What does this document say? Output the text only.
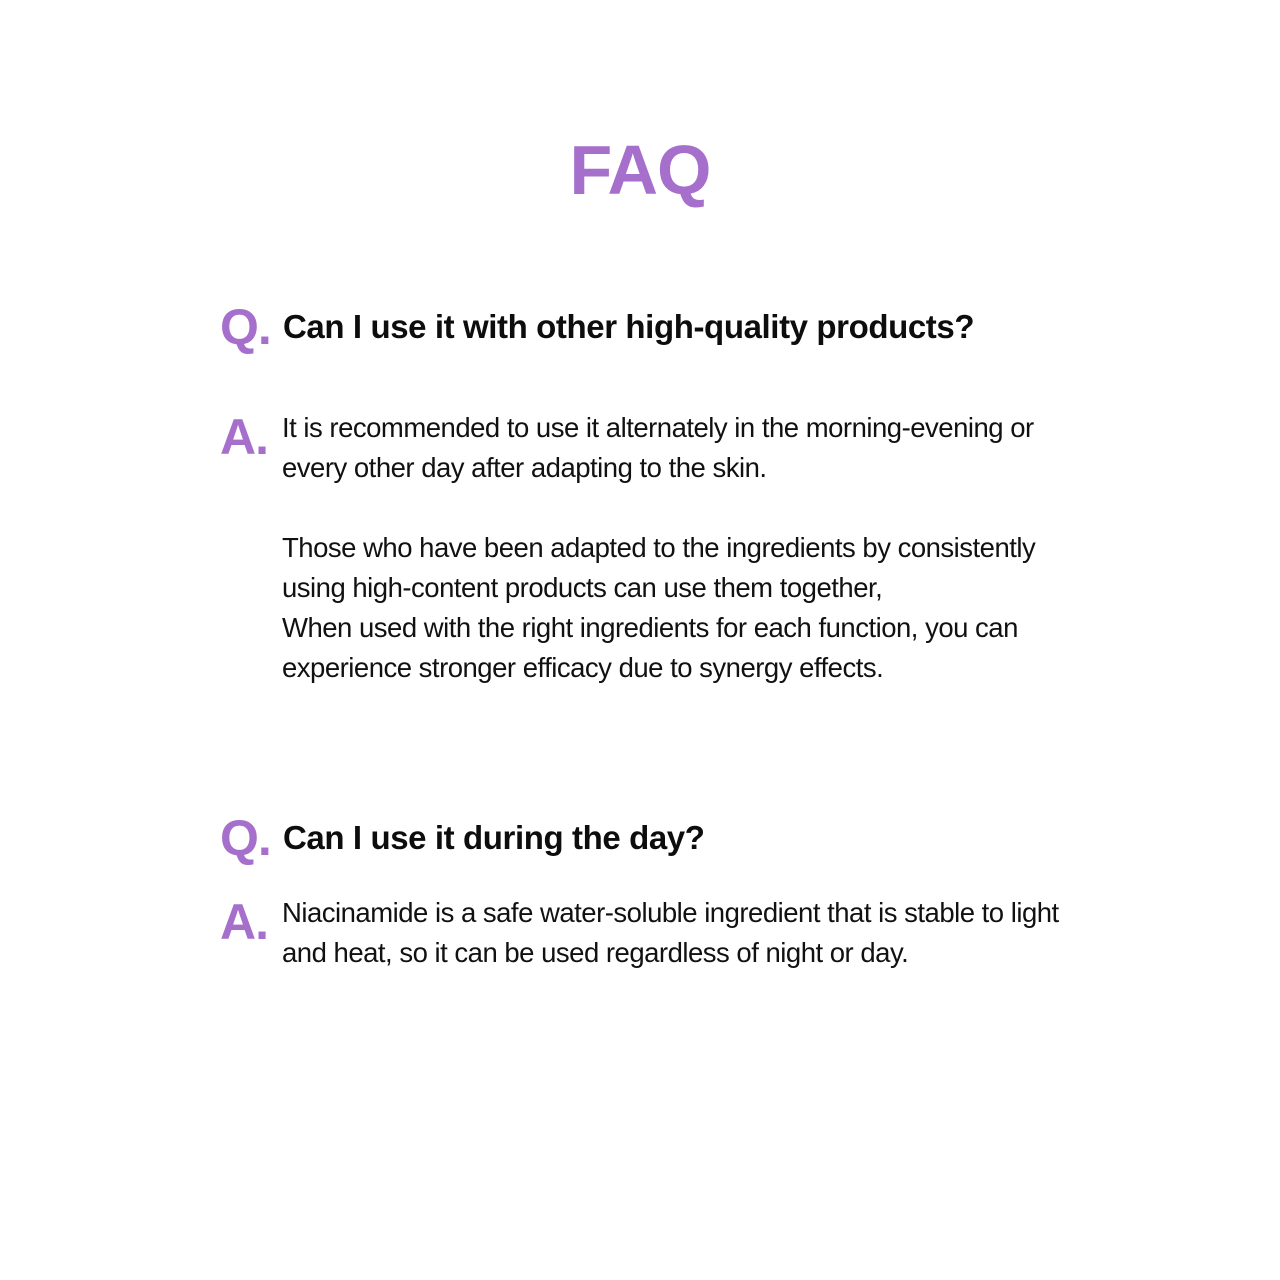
FAQ
Q. Can I use it with other high-quality products?
A. It is recommended to use it alternately in the morning-evening or every other day after adapting to the skin.

Those who have been adapted to the ingredients by consistently using high-content products can use them together,

When used with the right ingredients for each function, you can experience stronger efficacy due to synergy effects.

Q. Can I use it during the day?
A. Niacinamide is a safe water-soluble ingredient that is stable to light and heat, so it can be used regardless of night or day.
